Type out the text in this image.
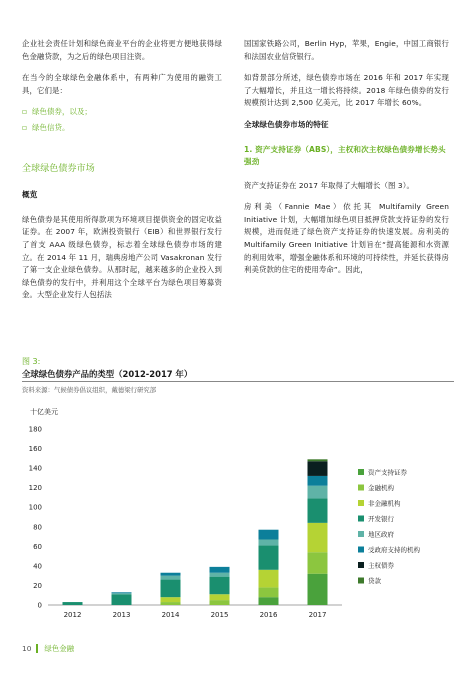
企业社会责任计划和绿色商业平台的企业将更方便地获得绿色金融贷款，为之后的绿色项目注资。

在当今的全球绿色金融体系中，有两种广为使用的融资工具，它们是：

▫ 绿色债券，以及；
▫ 绿色信贷。
全球绿色债券市场
概览

绿色债券是其使用所得款项为环境项目提供资金的固定收益证券。在 2007 年，欧洲投资银行（EIB）和世界银行发行了首支 AAA 级绿色债券，标志着全球绿色债券市场的建立。在 2014 年 11 月，瑞典房地产公司 Vasakronan 发行了第一支企业绿色债券。从那时起，越来越多的企业投入到绿色债券的发行中，并利用这个全球平台为绿色项目筹募资金。大型企业发行人包括法

国国家铁路公司，Berlin Hyp，苹果，Engie，中国工商银行和法国农业信贷银行。

如背景部分所述，绿色债券市场在 2016 年和 2017 年实现了大幅增长，并且这一增长将持续。2018 年绿色债券的发行规模预计达到 2,500 亿美元，比 2017 年增长 60%。

全球绿色债券市场的特征
1. 资产支持证券（ABS），主权和次主权绿色债券增长势头强劲

资产支持证券在 2017 年取得了大幅增长（图 3）。

房利美（Fannie Mae）依托其 Multifamily Green Initiative 计划，大幅增加绿色项目抵押贷款支持证券的发行规模，进而促进了绿色资产支持证券的快速发展。房利美的 Multifamily Green Initiative 计划旨在“提高能源和水资源的利用效率，增强金融体系和环境的可持续性，并延长获得房利美贷款的住宅的使用寿命”。因此，

图 3:
全球绿色债券产品的类型（2012-2017 年）
资料来源：气候债券倡议组织，戴德梁行研究部
十亿美元
0
20
40
60
80
100
120
140
160
180
2012	2013	2014	2015	2016	2017
资产支持证券
金融机构
非金融机构
开发银行
地区政府
受政府支持的机构
主权债券
贷款
10 绿色金融
